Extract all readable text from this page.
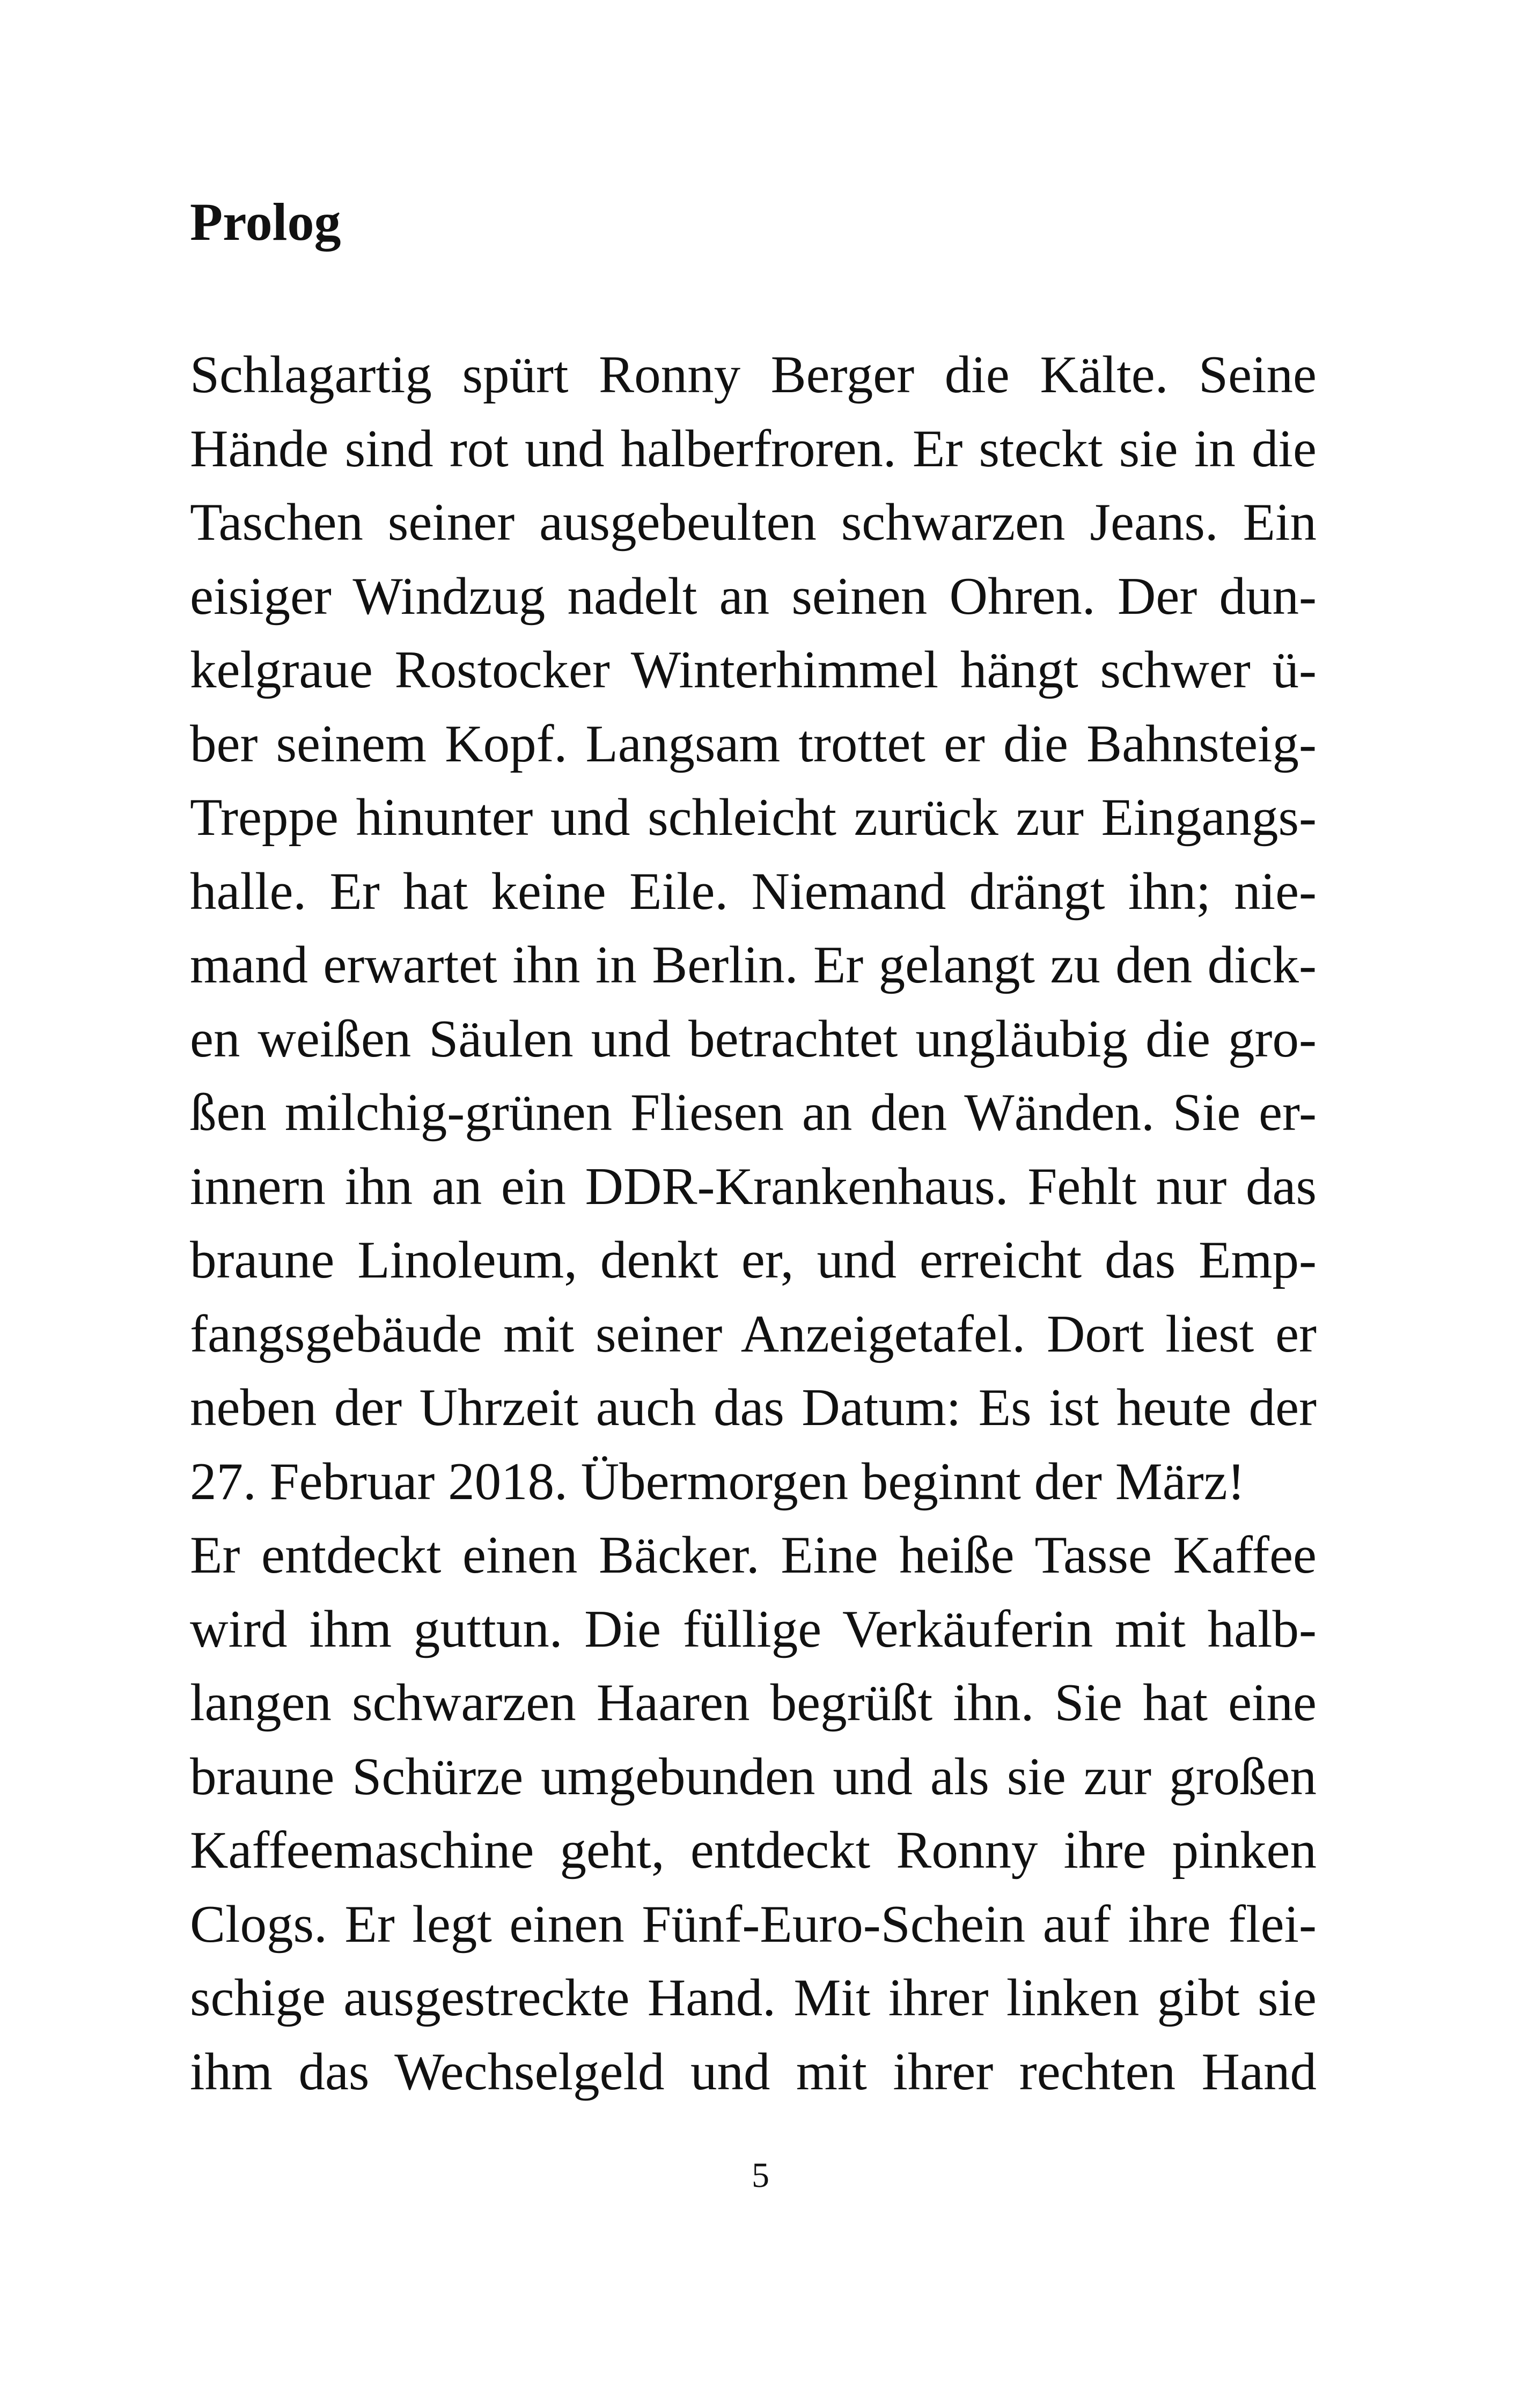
Prolog
Schlagartig spürt Ronny Berger die Kälte. Seine
Hände sind rot und halberfroren. Er steckt sie in die
Taschen seiner ausgebeulten schwarzen Jeans. Ein
eisiger Windzug nadelt an seinen Ohren. Der dun-
kelgraue Rostocker Winterhimmel hängt schwer ü-
ber seinem Kopf. Langsam trottet er die Bahnsteig-
Treppe hinunter und schleicht zurück zur Eingangs-
halle. Er hat keine Eile. Niemand drängt ihn; nie-
mand erwartet ihn in Berlin. Er gelangt zu den dick-
en weißen Säulen und betrachtet ungläubig die gro-
ßen milchig-grünen Fliesen an den Wänden. Sie er-
innern ihn an ein DDR-Krankenhaus. Fehlt nur das
braune Linoleum, denkt er, und erreicht das Emp-
fangsgebäude mit seiner Anzeigetafel. Dort liest er
neben der Uhrzeit auch das Datum: Es ist heute der
27. Februar 2018. Übermorgen beginnt der März!
Er entdeckt einen Bäcker. Eine heiße Tasse Kaffee
wird ihm guttun. Die füllige Verkäuferin mit halb-
langen schwarzen Haaren begrüßt ihn. Sie hat eine
braune Schürze umgebunden und als sie zur großen
Kaffeemaschine geht, entdeckt Ronny ihre pinken
Clogs. Er legt einen Fünf-Euro-Schein auf ihre flei-
schige ausgestreckte Hand. Mit ihrer linken gibt sie
ihm das Wechselgeld und mit ihrer rechten Hand
5
